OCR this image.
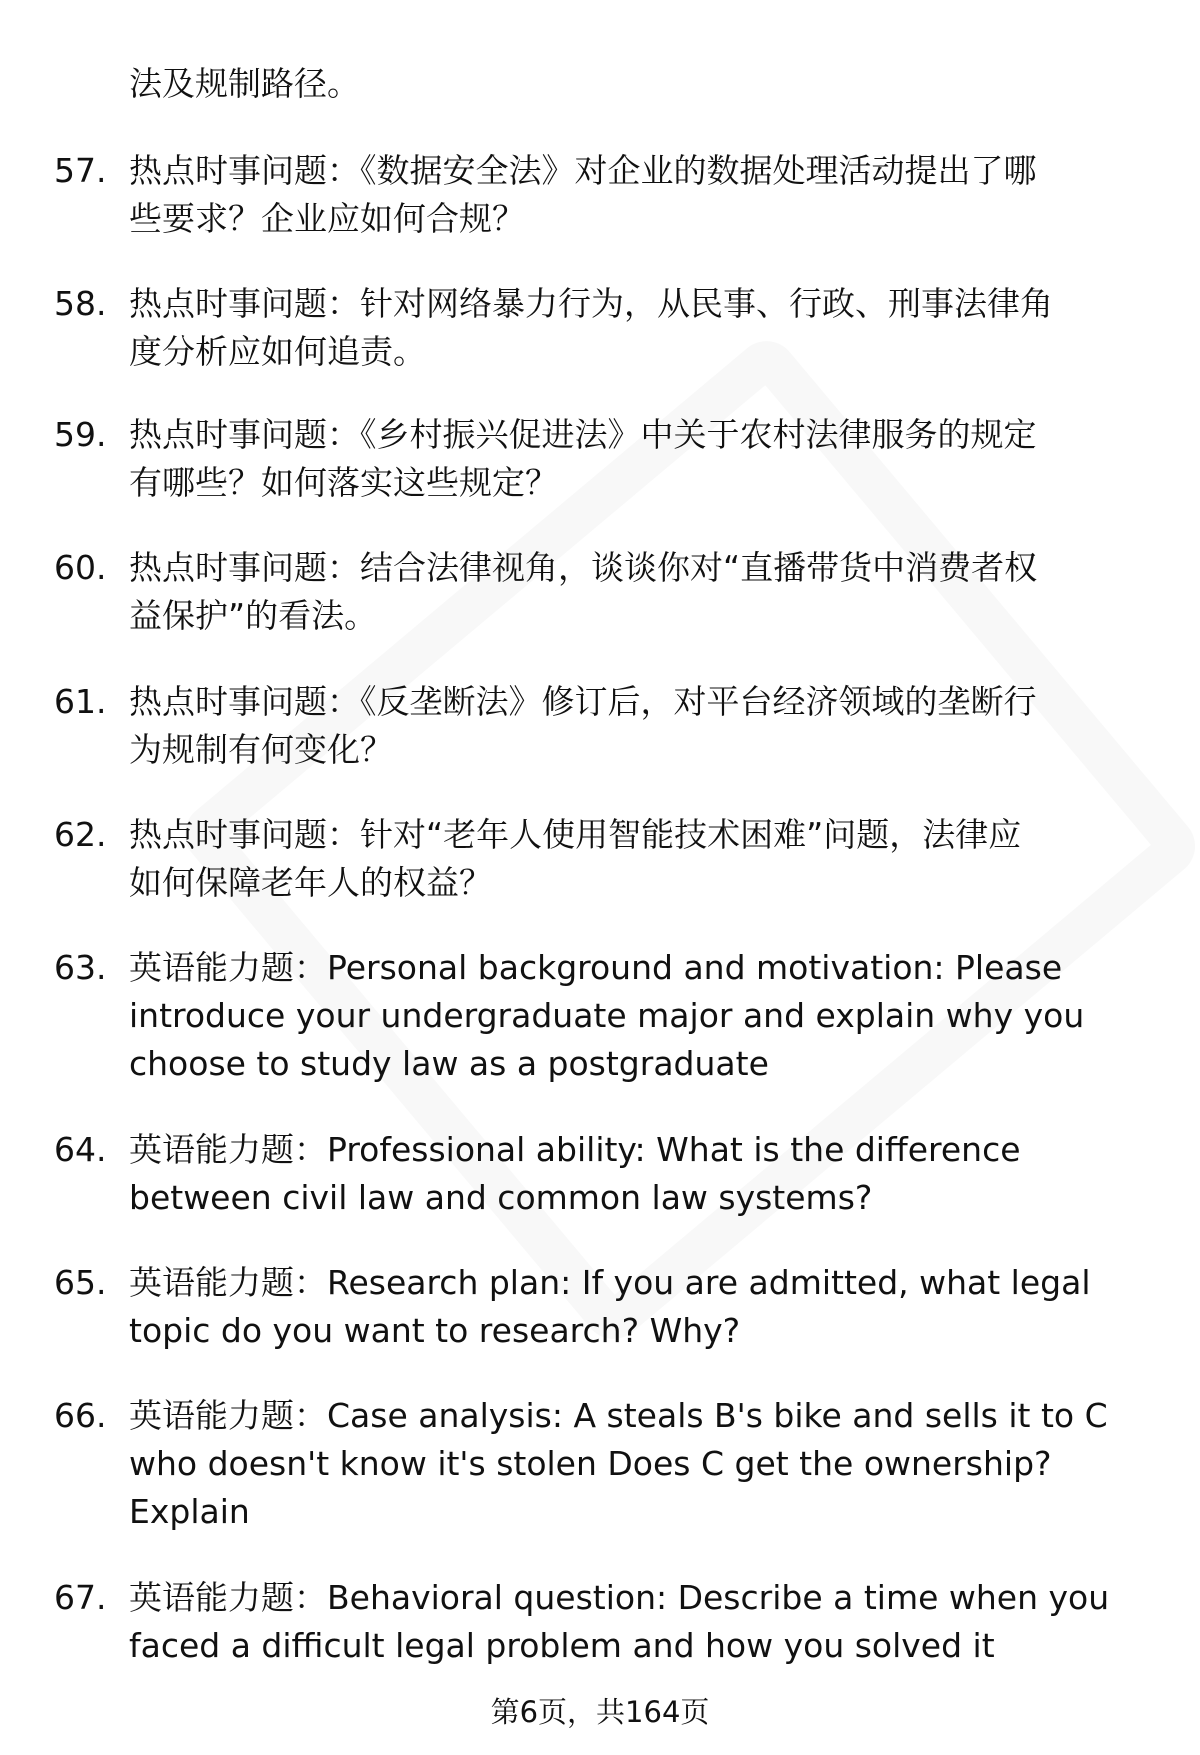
法及规制路径。
57. 热点时事问题：《数据安全法》对企业的数据处理活动提出了哪
些要求？企业应如何合规？
58. 热点时事问题：针对网络暴力行为，从民事、行政、刑事法律角
度分析应如何追责。
59. 热点时事问题：《乡村振兴促进法》中关于农村法律服务的规定
有哪些？如何落实这些规定？
60. 热点时事问题：结合法律视角，谈谈你对“直播带货中消费者权
益保护”的看法。
61. 热点时事问题：《反垄断法》修订后，对平台经济领域的垄断行
为规制有何变化？
62. 热点时事问题：针对“老年人使用智能技术困难”问题，法律应
如何保障老年人的权益？
63. 英语能力题：Personal background and motivation: Please
introduce your undergraduate major and explain why you
choose to study law as a postgraduate
64. 英语能力题：Professional ability: What is the difference
between civil law and common law systems?
65. 英语能力题：Research plan: If you are admitted, what legal
topic do you want to research? Why?
66. 英语能力题：Case analysis: A steals B's bike and sells it to C
who doesn't know it's stolen Does C get the ownership?
Explain
67. 英语能力题：Behavioral question: Describe a time when you
faced a difficult legal problem and how you solved it
第6页，共164页
